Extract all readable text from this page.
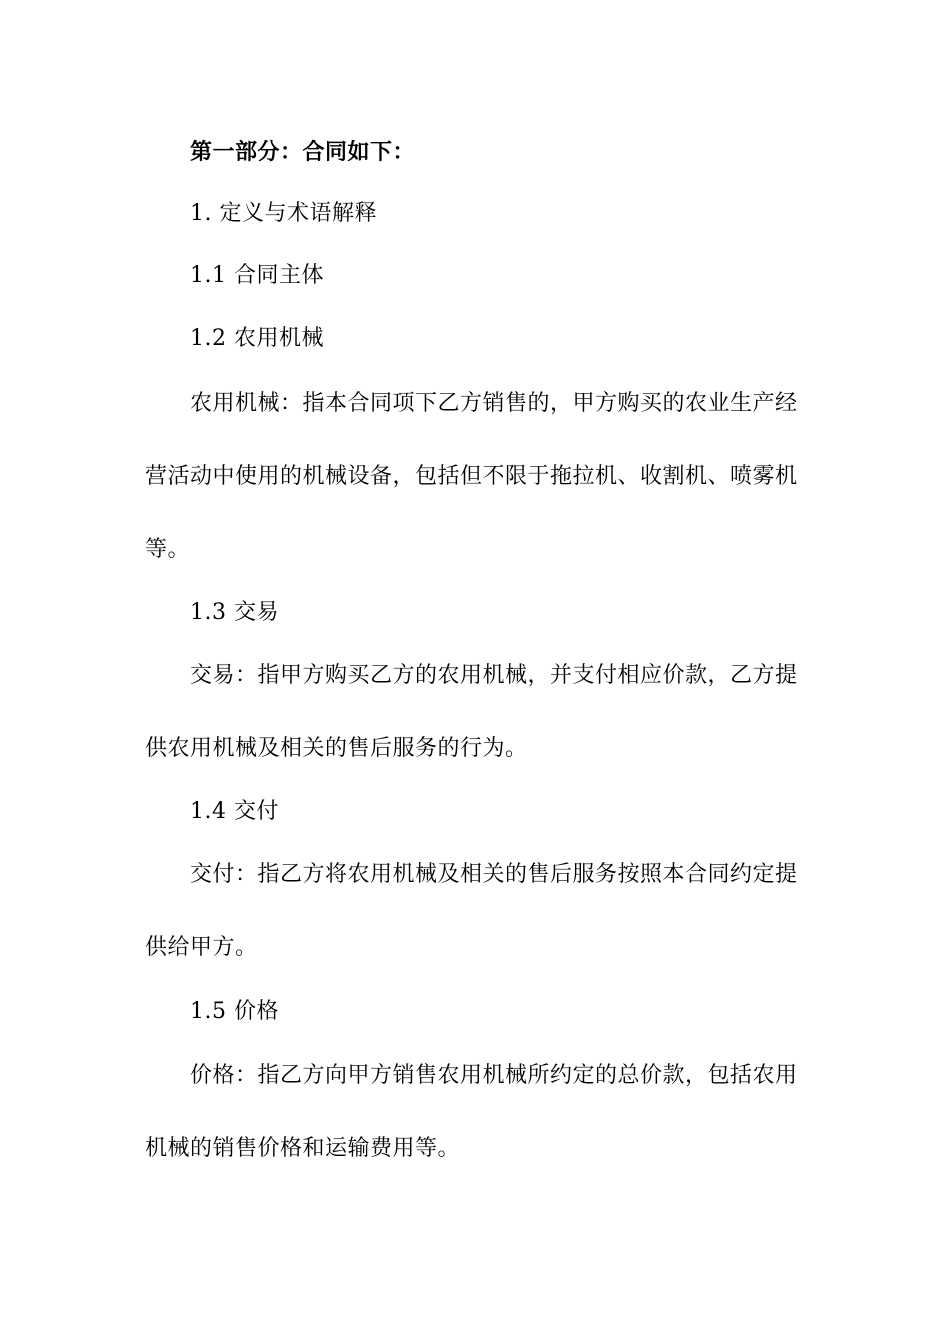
第一部分：合同如下：
1. 定义与术语解释
1.1 合同主体
1.2 农用机械
农用机械：指本合同项下乙方销售的，甲方购买的农业生产经
营活动中使用的机械设备，包括但不限于拖拉机、收割机、喷雾机
等。
1.3 交易
交易：指甲方购买乙方的农用机械，并支付相应价款，乙方提
供农用机械及相关的售后服务的行为。
1.4 交付
交付：指乙方将农用机械及相关的售后服务按照本合同约定提
供给甲方。
1.5 价格
价格：指乙方向甲方销售农用机械所约定的总价款，包括农用
机械的销售价格和运输费用等。
